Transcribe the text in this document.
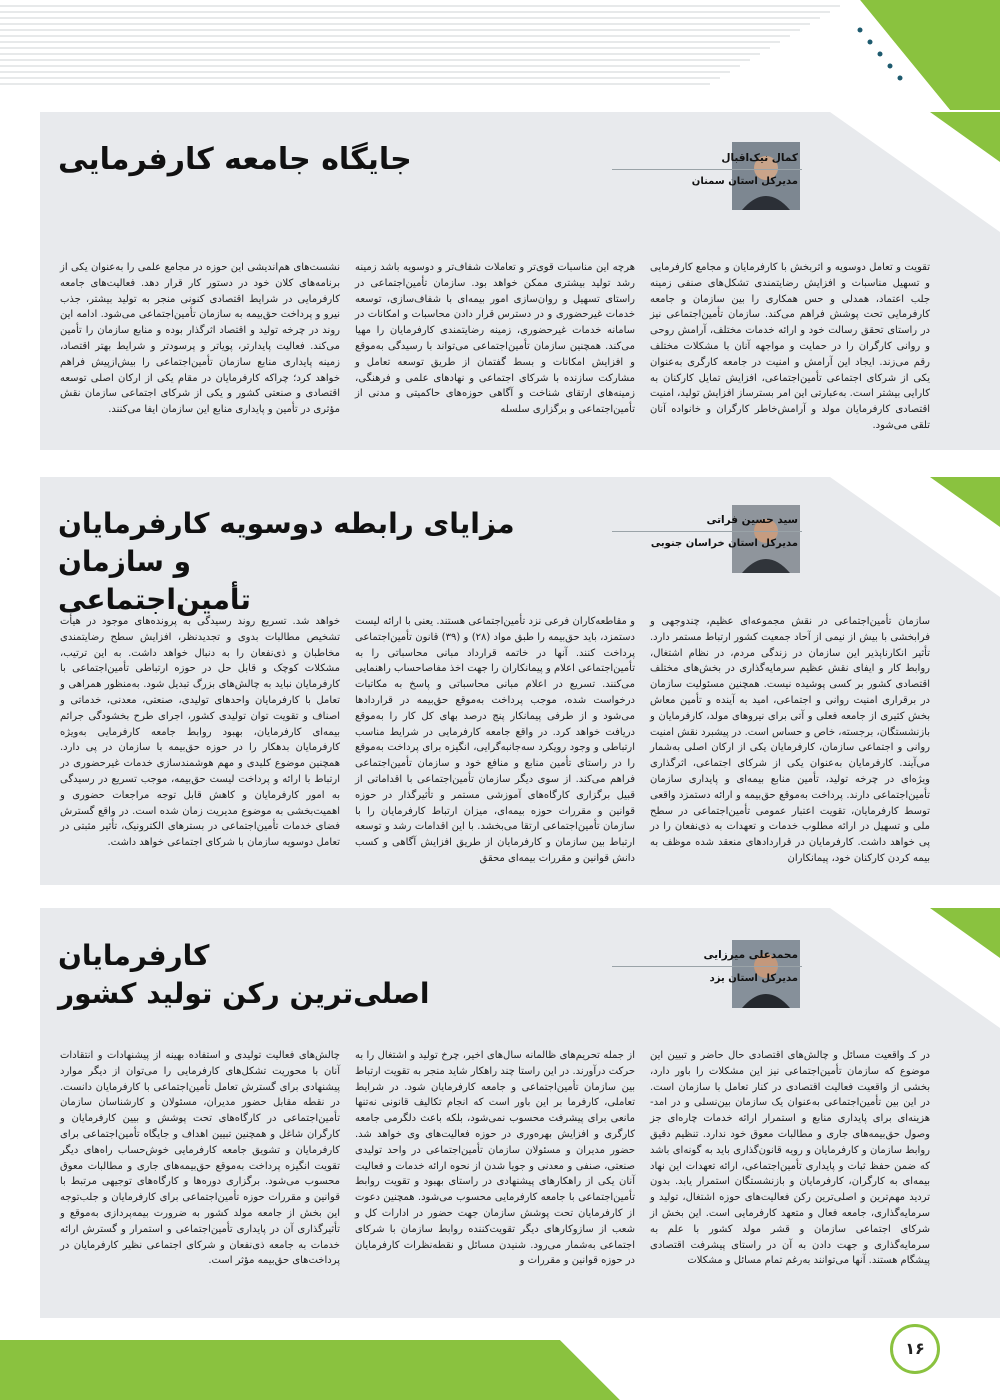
کمال نیک‌اقبال
مدیرکل استان سمنان
جایگاه جامعه کارفرمایی
تقویت و تعامل دوسویه و اثربخش با کارفرمایان و مجامع کارفرمایی و تسهیل مناسبات و افزایش رضایتمندی تشکل‌های صنفی زمینه جلب اعتماد، همدلی و حس همکاری را بین سازمان و جامعه کارفرمایی تحت پوشش فراهم می‌کند. سازمان تأمین‌اجتماعی نیز در راستای تحقق رسالت خود و ارائه خدمات مختلف، آرامش روحی و روانی کارگران را در حمایت و مواجهه آنان با مشکلات مختلف رقم می‌زند. ایجاد این آرامش و امنیت در جامعه کارگری به‌عنوان یکی از شرکای اجتماعی تأمین‌اجتماعی، افزایش تمایل کارکنان به کارایی بیشتر است. به‌عبارتی این امر بستر‌ساز افزایش تولید، امنیت اقتصادی کارفرمایان مولد و آرامش‌خاطر کارگران و خانواده آنان تلقی می‌شود.
هرچه این مناسبات قوی‌تر و تعاملات شفاف‌تر و دوسویه باشد زمینه رشد تولید بیشتری ممکن خواهد بود. سازمان تأمین‌اجتماعی در راستای تسهیل و روان‌سازی امور بیمه‌ای با شفاف‌سازی، توسعه خدمات غیرحضوری و در دسترس قرار دادن محاسبات و امکانات در سامانه خدمات غیرحضوری، زمینه رضایتمندی کارفرمایان را مهیا می‌کند. همچنین سازمان تأمین‌اجتماعی می‌تواند با رسیدگی به‌موقع و افزایش امکانات و بسط گفتمان از طریق توسعه تعامل و مشارکت سازنده با شرکای اجتماعی و نهادهای علمی و فرهنگی، زمینه‌های ارتقای شناخت و آگاهی حوزه‌های حاکمیتی و مدنی از تأمین‌اجتماعی و برگزاری سلسله
نشست‌های هم‌اندیشی این حوزه در مجامع علمی را به‌عنوان یکی از برنامه‌های کلان خود در دستور کار قرار دهد. فعالیت‌های جامعه کارفرمایی در شرایط اقتصادی کنونی منجر به تولید بیشتر، جذب نیرو و پرداخت حق‌بیمه به سازمان تأمین‌اجتماعی می‌شود. ادامه این روند در چرخه تولید و اقتصاد اثرگذار بوده و منابع سازمان را تأمین می‌کند. فعالیت پایدارتر، پویاتر و پرسودتر و شرایط بهتر اقتصاد، زمینه پایداری منابع سازمان تأمین‌اجتماعی را بیش‌ازپیش فراهم خواهد کرد؛ چراکه کارفرمایان در مقام یکی از ارکان اصلی توسعه اقتصادی و صنعتی کشور و یکی از شرکای اجتماعی سازمان نقش مؤثری در تأمین و پایداری منابع این سازمان ایفا می‌کنند.
سید حسین فراتی
مدیرکل استان خراسان جنوبی
مزایای رابطه دوسویه کارفرمایان و سازمان
تأمین‌اجتماعی
سازمان تأمین‌اجتماعی در نقش مجموعه‌ای عظیم، چندوجهی و فرابخشی با بیش از نیمی از آحاد جمعیت کشور ارتباط مستمر دارد. تأثیر انکارناپذیر این سازمان در زندگی مردم، در نظام اشتغال، روابط کار و ایفای نقش عظیم سرمایه‌گذاری در بخش‌های مختلف اقتصادی کشور بر کسی پوشیده نیست. همچنین مسئولیت سازمان در برقراری امنیت روانی و اجتماعی، امید به آینده و تأمین معاش بخش کثیری از جامعه فعلی و آتی برای نیروهای مولد، کارفرمایان و بازنشستگان، برجسته، خاص و حساس است. در پیشبرد نقش امنیت روانی و اجتماعی سازمان، کارفرمایان یکی از ارکان اصلی به‌شمار می‌آیند. کارفرمایان به‌عنوان یکی از شرکای اجتماعی، اثرگذاری ویژه‌ای در چرخه تولید، تأمین منابع بیمه‌ای و پایداری سازمان تأمین‌اجتماعی دارند. پرداخت به‌موقع حق‌بیمه و ارائه دستمزد واقعی توسط کارفرمایان، تقویت اعتبار عمومی تأمین‌اجتماعی در سطح ملی و تسهیل در ارائه مطلوب خدمات و تعهدات به ذی‌نفعان را در پی خواهد داشت. کارفرمایان در قراردادهای منعقد شده موظف به بیمه کردن کارکنان خود، پیمانکاران
و مقاطعه‌کاران فرعی نزد تأمین‌اجتماعی هستند. یعنی با ارائه لیست دستمزد، باید حق‌بیمه را طبق مواد (۲۸) و (۳۹) قانون تأمین‌اجتماعی پرداخت کنند. آنها در خاتمه قرارداد مبانی محاسباتی را به تأمین‌اجتماعی اعلام و پیمانکاران را جهت اخذ مفاصاحساب راهنمایی می‌کنند. تسریع در اعلام مبانی محاسباتی و پاسخ به مکاتبات درخواست شده، موجب پرداخت به‌موقع حق‌بیمه در قراردادها می‌شود و از طرفی پیمانکار پنج درصد بهای کل کار را به‌موقع دریافت خواهد کرد. در واقع جامعه کارفرمایی در شرایط مناسب ارتباطی و وجود رویکرد سه‌جانبه‌گرایی، انگیزه برای پرداخت به‌موقع را در راستای تأمین منابع و منافع خود و سازمان تأمین‌اجتماعی فراهم می‌کند. از سوی دیگر سازمان تأمین‌اجتماعی با اقداماتی از قبیل برگزاری کارگاه‌های آموزشی مستمر و تأثیرگذار در حوزه قوانین و مقررات حوزه بیمه‌ای، میزان ارتباط کارفرمایان را با سازمان تأمین‌اجتماعی ارتقا می‌بخشد. با این اقدامات رشد و توسعه ارتباط بین سازمان و کارفرمایان از طریق افزایش آگاهی و کسب دانش قوانین و مقررات بیمه‌ای محقق
خواهد شد. تسریع روند رسیدگی به پرونده‌های موجود در هیأت تشخیص مطالبات بدوی و تجدیدنظر، افزایش سطح رضایتمندی مخاطبان و ذی‌نفعان را به دنبال خواهد داشت. به این ترتیب، مشکلات کوچک و قابل حل در حوزه ارتباطی تأمین‌اجتماعی با کارفرمایان نباید به چالش‌های بزرگ تبدیل شود. به‌منظور همراهی و تعامل با کارفرمایان واحدهای تولیدی، صنعتی، معدنی، خدماتی و اصناف و تقویت توان تولیدی کشور، اجرای طرح بخشودگی جرائم بیمه‌ای کارفرمایان، بهبود روابط جامعه کارفرمایی به‌ویژه کارفرمایان بدهکار را در حوزه حق‌بیمه با سازمان در پی دارد. همچنین موضوع کلیدی و مهم هوشمندسازی خدمات غیرحضوری در ارتباط با ارائه و پرداخت لیست حق‌بیمه، موجب تسریع در رسیدگی به امور کارفرمایان و کاهش قابل توجه مراجعات حضوری و اهمیت‌بخشی به موضوع مدیریت زمان شده است. در واقع گسترش فضای خدمات تأمین‌اجتماعی در بسترهای الکترونیک، تأثیر مثبتی در تعامل دوسویه سازمان با شرکای اجتماعی خواهد داشت.
محمدعلی میرزایی
مدیرکل استان یزد
کارفرمایان
اصلی‌ترین رکن تولید کشور
در کـ واقعیت مسائل و چالش‌های اقتصادی حال حاضر و تبیین این موضوع که سازمان تأمین‌اجتماعی نیز این مشکلات را باور دارد، بخشی از واقعیت فعالیت اقتصادی در کنار تعامل با سازمان است. در این بین تأمین‌اجتماعی به‌عنوان یک سازمان بین‌نسلی و در امد- هزینه‌ای برای پایداری منابع و استمرار ارائه خدمات چاره‌ای جز وصول حق‌بیمه‌های جاری و مطالبات معوق خود ندارد. تنظیم دقیق روابط سازمان و کارفرمایان و رویه قانون‌گذاری باید به گونه‌ای باشد که ضمن حفظ ثبات و پایداری تأمین‌اجتماعی، ارائه تعهدات این نهاد بیمه‌ای به کارگران، کارفرمایان و بازنشستگان استمرار یابد. بدون تردید مهم‌ترین و اصلی‌ترین رکن فعالیت‌های حوزه اشتغال، تولید و سرمایه‌گذاری، جامعه فعال و متعهد کارفرمایی است. این بخش از شرکای اجتماعی سازمان و قشر مولد کشور با علم به سرمایه‌گذاری و جهت دادن به آن در راستای پیشرفت اقتصادی پیشگام هستند. آنها می‌توانند به‌رغم تمام مسائل و مشکلات
از جمله تحریم‌های ظالمانه سال‌های اخیر، چرخ تولید و اشتغال را به حرکت درآورند. در این راستا چند راهکار شاید منجر به تقویت ارتباط بین سازمان تأمین‌اجتماعی و جامعه کارفرمایان شود. در شرایط تعاملی، کارفرما بر این باور است که انجام تکالیف قانونی نه‌تنها مانعی برای پیشرفت محسوب نمی‌شود، بلکه باعث دلگرمی جامعه کارگری و افزایش بهره‌وری در حوزه فعالیت‌های وی خواهد شد. حضور مدیران و مسئولان سازمان تأمین‌اجتماعی در واحد تولیدی صنعتی، صنفی و معدنی و جویا شدن از نحوه ارائه خدمات و فعالیت آنان یکی از راهکارهای پیشنهادی در راستای بهبود و تقویت روابط تأمین‌اجتماعی با جامعه کارفرمایی محسوب می‌شود. همچنین دعوت از کارفرمایان تحت پوشش سازمان جهت حضور در ادارات کل و شعب از سازوکارهای دیگر تقویت‌کننده روابط سازمان با شرکای اجتماعی به‌شمار می‌رود. شنیدن مسائل و نقطه‌نظرات کارفرمایان در حوزه قوانین و مقررات و
چالش‌های فعالیت تولیدی و استفاده بهینه از پیشنهادات و انتقادات آنان با محوریت تشکل‌های کارفرمایی را می‌توان از دیگر موارد پیشنهادی برای گسترش تعامل تأمین‌اجتماعی با کارفرمایان دانست. در نقطه مقابل حضور مدیران، مسئولان و کارشناسان سازمان تأمین‌اجتماعی در کارگاه‌های تحت پوشش و بیین کارفرمایان و کارگران شاغل و همچنین تبیین اهداف و جایگاه تأمین‌اجتماعی برای کارفرمایان و تشویق جامعه کارفرمایی خوش‌حساب راه‌های دیگر تقویت انگیزه پرداخت به‌موقع حق‌بیمه‌های جاری و مطالبات معوق محسوب می‌شود. برگزاری دوره‌ها و کارگاه‌های توجیهی مرتبط با قوانین و مقررات حوزه تأمین‌اجتماعی برای کارفرمایان و جلب‌توجه این بخش از جامعه مولد کشور به ضرورت بیمه‌پردازی به‌موقع و تأثیرگذاری آن در پایداری تأمین‌اجتماعی و استمرار و گسترش ارائه خدمات به جامعه ذی‌نفعان و شرکای اجتماعی نظیر کارفرمایان در پرداخت‌های حق‌بیمه مؤثر است.
۱۶
